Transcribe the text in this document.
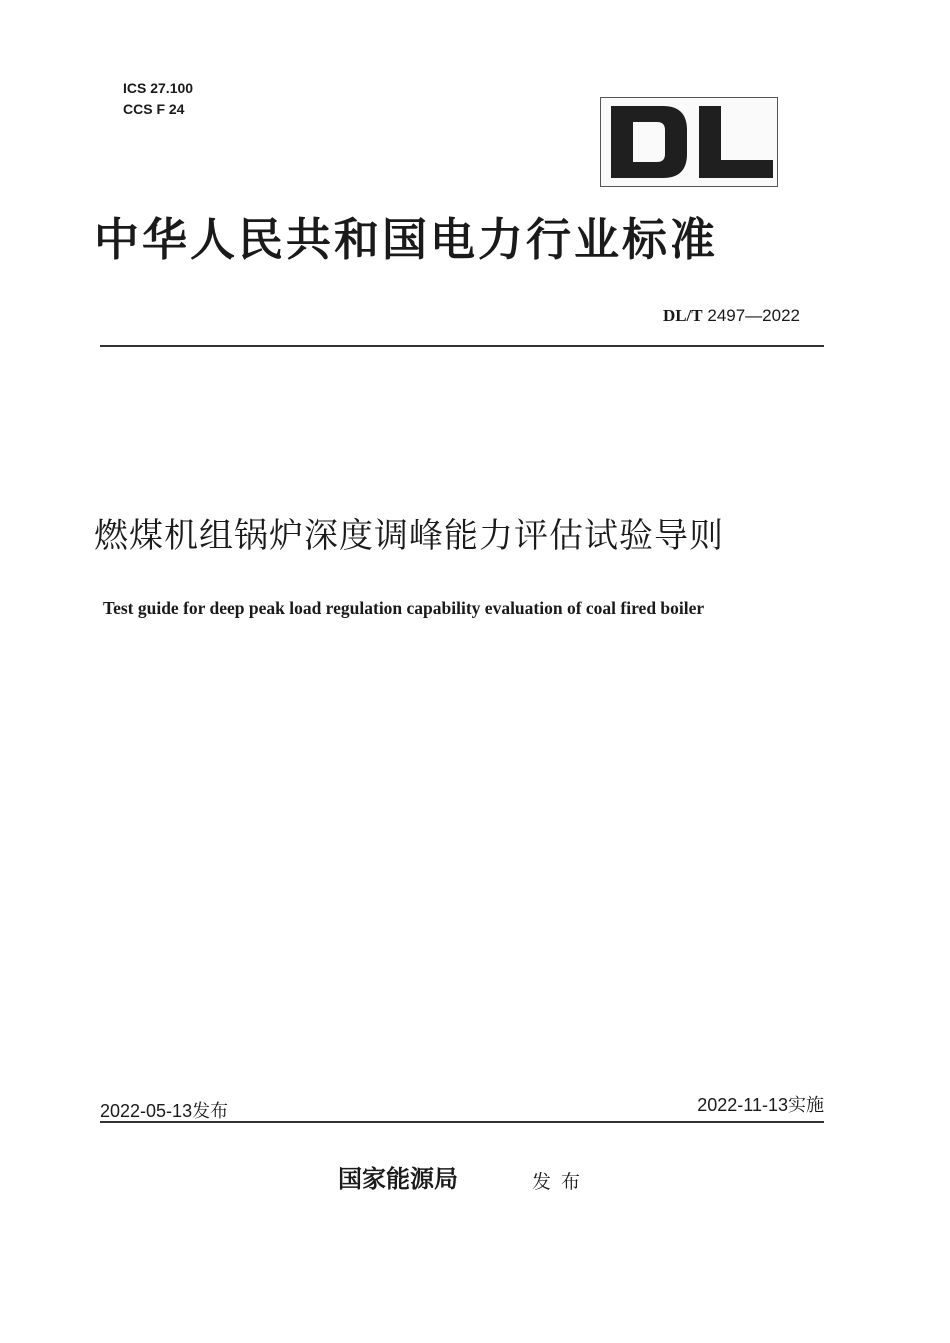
ICS 27.100
CCS F 24
中华人民共和国电力行业标准
DL/T 2497—2022
燃煤机组锅炉深度调峰能力评估试验导则
Test guide for deep peak load regulation capability evaluation of coal fired boiler
2022-05-13发布	2022-11-13实施
国家能源局	发布
